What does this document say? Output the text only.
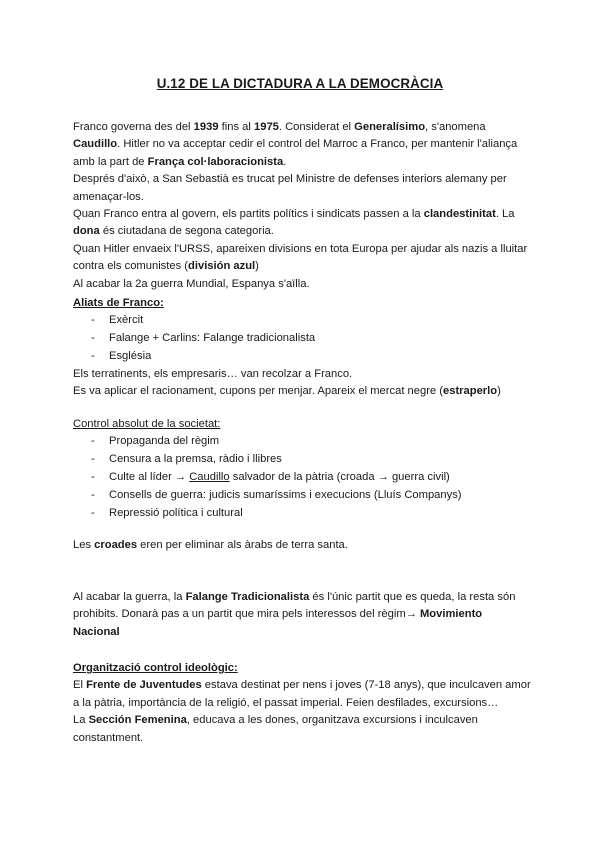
U.12 DE LA DICTADURA A LA DEMOCRÀCIA

Franco governa des del 1939 fins al 1975. Considerat el Generalísimo, s'anomena

Caudillo. Hitler no va acceptar cedir el control del Marroc a Franco, per mantenir l'aliança

amb la part de França col·laboracionista.

Després d'això, a San Sebastià es trucat pel Ministre de defenses interiors alemany per

amenaçar-los.

Quan Franco entra al govern, els partits polítics i sindicats passen a la clandestinitat. La

dona és ciutadana de segona categoria.

Quan Hitler envaeix l'URSS, apareixen divisions en tota Europa per ajudar als nazis a lluitar

contra els comunistes (división azul)

Al acabar la 2a guerra Mundial, Espanya s'aïlla.

Aliats de Franco:

- Exèrcit
- Falange + Carlins: Falange tradicionalista
- Església

Els terratinents, els empresaris… van recolzar a Franco.

Es va aplicar el racionament, cupons per menjar. Apareix el mercat negre (estraperlo)

Control absolut de la societat:

- Propaganda del règim
- Censura a la premsa, ràdio i llibres
- Culte al líder → Caudillo salvador de la pàtria (croada → guerra civil)
- Consells de guerra: judicis sumaríssims i execucions (Lluís Companys)
- Repressió política i cultural

Les croades eren per eliminar als àrabs de terra santa.

Al acabar la guerra, la Falange Tradicionalista és l'únic partit que es queda, la resta són

prohibits. Donarà pas a un partit que mira pels interessos del règim→ Movimiento

Nacional

Organització control ideològic:

El Frente de Juventudes estava destinat per nens i joves (7-18 anys), que inculcaven amor

a la pàtria, importància de la religió, el passat imperial. Feien desfilades, excursions…

La Sección Femenina, educava a les dones, organitzava excursions i inculcaven

constantment.
